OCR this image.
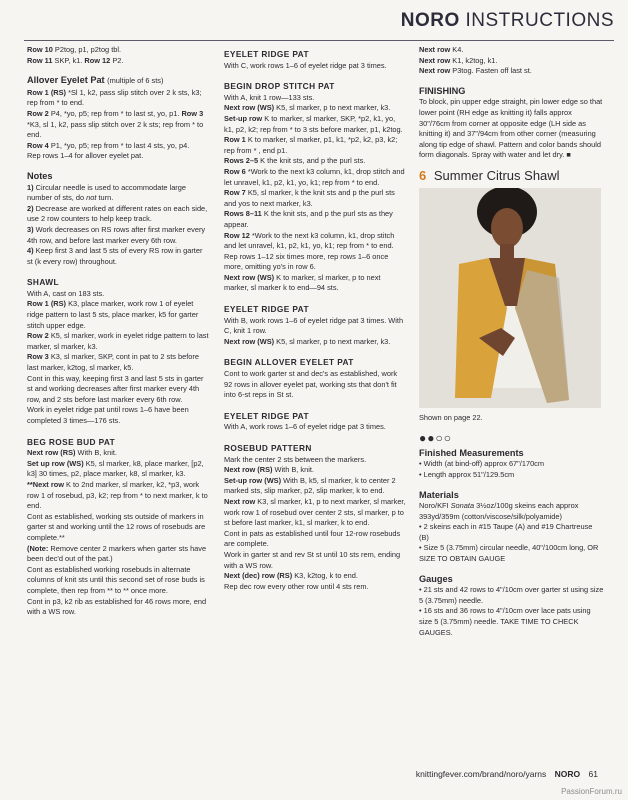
NORO INSTRUCTIONS
Row 10 P2tog, p1, p2tog tbl.
Row 11 SKP, k1. Row 12 P2.
Allover Eyelet Pat (multiple of 6 sts)
Row 1 (RS) *Sl 1, k2, pass slip stitch over 2 k sts, k3; rep from * to end.
Row 2 P4, *yo, p5; rep from * to last st, yo, p1. Row 3 *K3, sl 1, k2, pass slip stitch over 2 k sts; rep from * to end.
Row 4 P1, *yo, p5; rep from * to last 4 sts, yo, p4.
Rep rows 1–4 for allover eyelet pat.
Notes
1) Circular needle is used to accommodate large number of sts, do not turn.
2) Decrease are worked at different rates on each side, use 2 row counters to help keep track.
3) Work decreases on RS rows after first marker every 4th row, and before last marker every 6th row.
4) Keep first 3 and last 5 sts of every RS row in garter st (k every row) throughout.
SHAWL
With A, cast on 183 sts.
Row 1 (RS) K3, place marker, work row 1 of eyelet ridge pattern to last 5 sts, place marker, k5 for garter stitch upper edge.
Row 2 K5, sl marker, work in eyelet ridge pattern to last marker, sl marker, k3.
Row 3 K3, sl marker, SKP, cont in pat to 2 sts before last marker, k2tog, sl marker, k5.
Cont in this way, keeping first 3 and last 5 sts in garter st and working decreases after first marker every 4th row, and 2 sts before last marker every 6th row.
Work in eyelet ridge pat until rows 1–6 have been completed 3 times—176 sts.
BEG ROSE BUD PAT
Next row (RS) With B, knit.
Set up row (WS) K5, sl marker, k8, place marker, [p2, k3] 30 times, p2, place marker, k8, sl marker, k3.
**Next row K to 2nd marker, sl marker, k2, *p3, work row 1 of rosebud, p3, k2; rep from * to next marker, k to end.
Cont as established, working sts outside of markers in garter st and working until the 12 rows of rosebuds are complete.**
(Note: Remove center 2 markers when garter sts have been dec'd out of the pat.)
Cont as established working rosebuds in alternate columns of knit sts until this second set of rose buds is complete, then rep from ** to ** once more.
Cont in p3, k2 rib as established for 46 rows more, end with a WS row.
EYELET RIDGE PAT
With C, work rows 1–6 of eyelet ridge pat 3 times.
BEGIN DROP STITCH PAT
With A, knit 1 row—133 sts.
Next row (WS) K5, sl marker, p to next marker, k3.
Set-up row K to marker, sl marker, SKP, *p2, k1, yo, k1, p2, k2; rep from * to 3 sts before marker, p1, k2tog.
Row 1 K to marker, sl marker, p1, k1, *p2, k2, p3, k2; rep from * , end p1.
Rows 2–5 K the knit sts, and p the purl sts.
Row 6 *Work to the next k3 column, k1, drop stitch and let unravel, k1, p2, k1, yo, k1; rep from * to end.
Row 7 K5, sl marker, k the knit sts and p the purl sts and yos to next marker, k3.
Rows 8–11 K the knit sts, and p the purl sts as they appear.
Row 12 *Work to the next k3 column, k1, drop stitch and let unravel, k1, p2, k1, yo, k1; rep from * to end.
Rep rows 1–12 six times more, rep rows 1–6 once more, omitting yo's in row 6.
Next row (WS) K to marker, sl marker, p to next marker, sl marker k to end—94 sts.
EYELET RIDGE PAT
With B, work rows 1–6 of eyelet ridge pat 3 times. With C, knit 1 row.
Next row (WS) K5, sl marker, p to next marker, k3.
BEGIN ALLOVER EYELET PAT
Cont to work garter st and dec's as established, work 92 rows in allover eyelet pat, working sts that don't fit into 6-st reps in St st.
EYELET RIDGE PAT
With A, work rows 1–6 of eyelet ridge pat 3 times.
ROSEBUD PATTERN
Mark the center 2 sts between the markers.
Next row (RS) With B, knit.
Set-up row (WS) With B, k5, sl marker, k to center 2 marked sts, slip marker, p2, slip marker, k to end.
Next row K3, sl marker, k1, p to next marker, sl marker, work row 1 of rosebud over center 2 sts, sl marker, p to st before last marker, k1, sl marker, k to end.
Cont in pats as established until four 12-row rosebuds are complete.
Work in garter st and rev St st until 10 sts rem, ending with a WS row.
Next (dec) row (RS) K3, k2tog, k to end.
Rep dec row every other row until 4 sts rem.
Next row K4.
Next row K1, k2tog, k1.
Next row P3tog. Fasten off last st.
FINISHING
To block, pin upper edge straight, pin lower edge so that lower point (RH edge as knitting it) falls approx 30"/76cm from corner at opposite edge (LH side as knitting it) and 37"/94cm from other corner (measuring along tip edge of shawl. Pattern and color bands should form diagonals. Spray with water and let dry. ■
6 Summer Citrus Shawl
Shown on page 22.
●●○○
Finished Measurements
• Width (at bind-off) approx 67"/170cm
• Length approx 51"/129.5cm
Materials
Noro/KFI Sonata 3½oz/100g skeins each approx 393yd/359m (cotton/viscose/silk/polyamide)
• 2 skeins each in #15 Taupe (A) and #19 Chartreuse (B)
• Size 5 (3.75mm) circular needle, 40"/100cm long, OR SIZE TO OBTAIN GAUGE
Gauges
• 21 sts and 42 rows to 4"/10cm over garter st using size 5 (3.75mm) needle.
• 16 sts and 36 rows to 4"/10cm over lace pats using size 5 (3.75mm) needle. TAKE TIME TO CHECK GAUGES.
knittingfever.com/brand/noro/yarns NORO 61
PassionForum.ru
